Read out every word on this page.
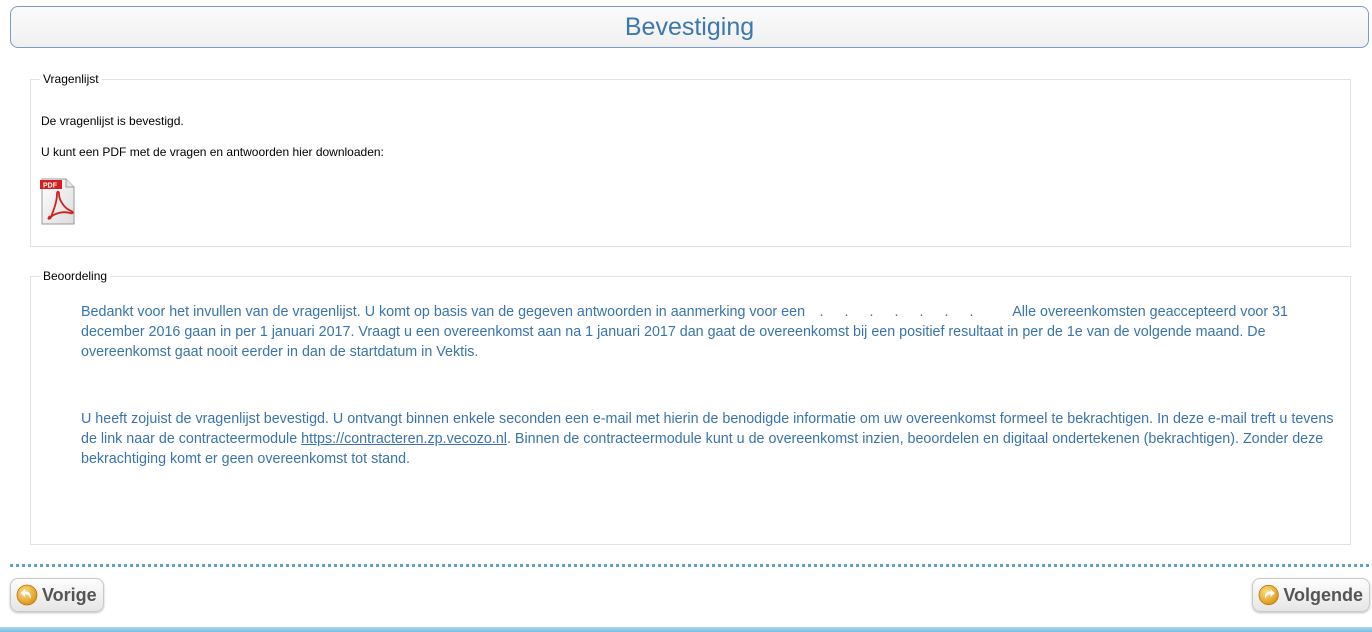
Bevestiging
Vragenlijst
De vragenlijst is bevestigd.
U kunt een PDF met de vragen en antwoorden hier downloaden:
PDF
Beoordeling
Bedankt voor het invullen van de vragenlijst. U komt op basis van de gegeven antwoorden in aanmerking voor een . . . . . . .	Alle overeenkomsten geaccepteerd voor 31 december 2016 gaan in per 1 januari 2017. Vraagt u een overeenkomst aan na 1 januari 2017 dan gaat de overeenkomst bij een positief resultaat in per de 1e van de volgende maand. De overeenkomst gaat nooit eerder in dan de startdatum in Vektis.
U heeft zojuist de vragenlijst bevestigd. U ontvangt binnen enkele seconden een e-mail met hierin de benodigde informatie om uw overeenkomst formeel te bekrachtigen. In deze e-mail treft u tevens de link naar de contracteermodule https://contracteren.zp.vecozo.nl. Binnen de contracteermodule kunt u de overeenkomst inzien, beoordelen en digitaal ondertekenen (bekrachtigen). Zonder deze bekrachtiging komt er geen overeenkomst tot stand.
Vorige	Volgende
